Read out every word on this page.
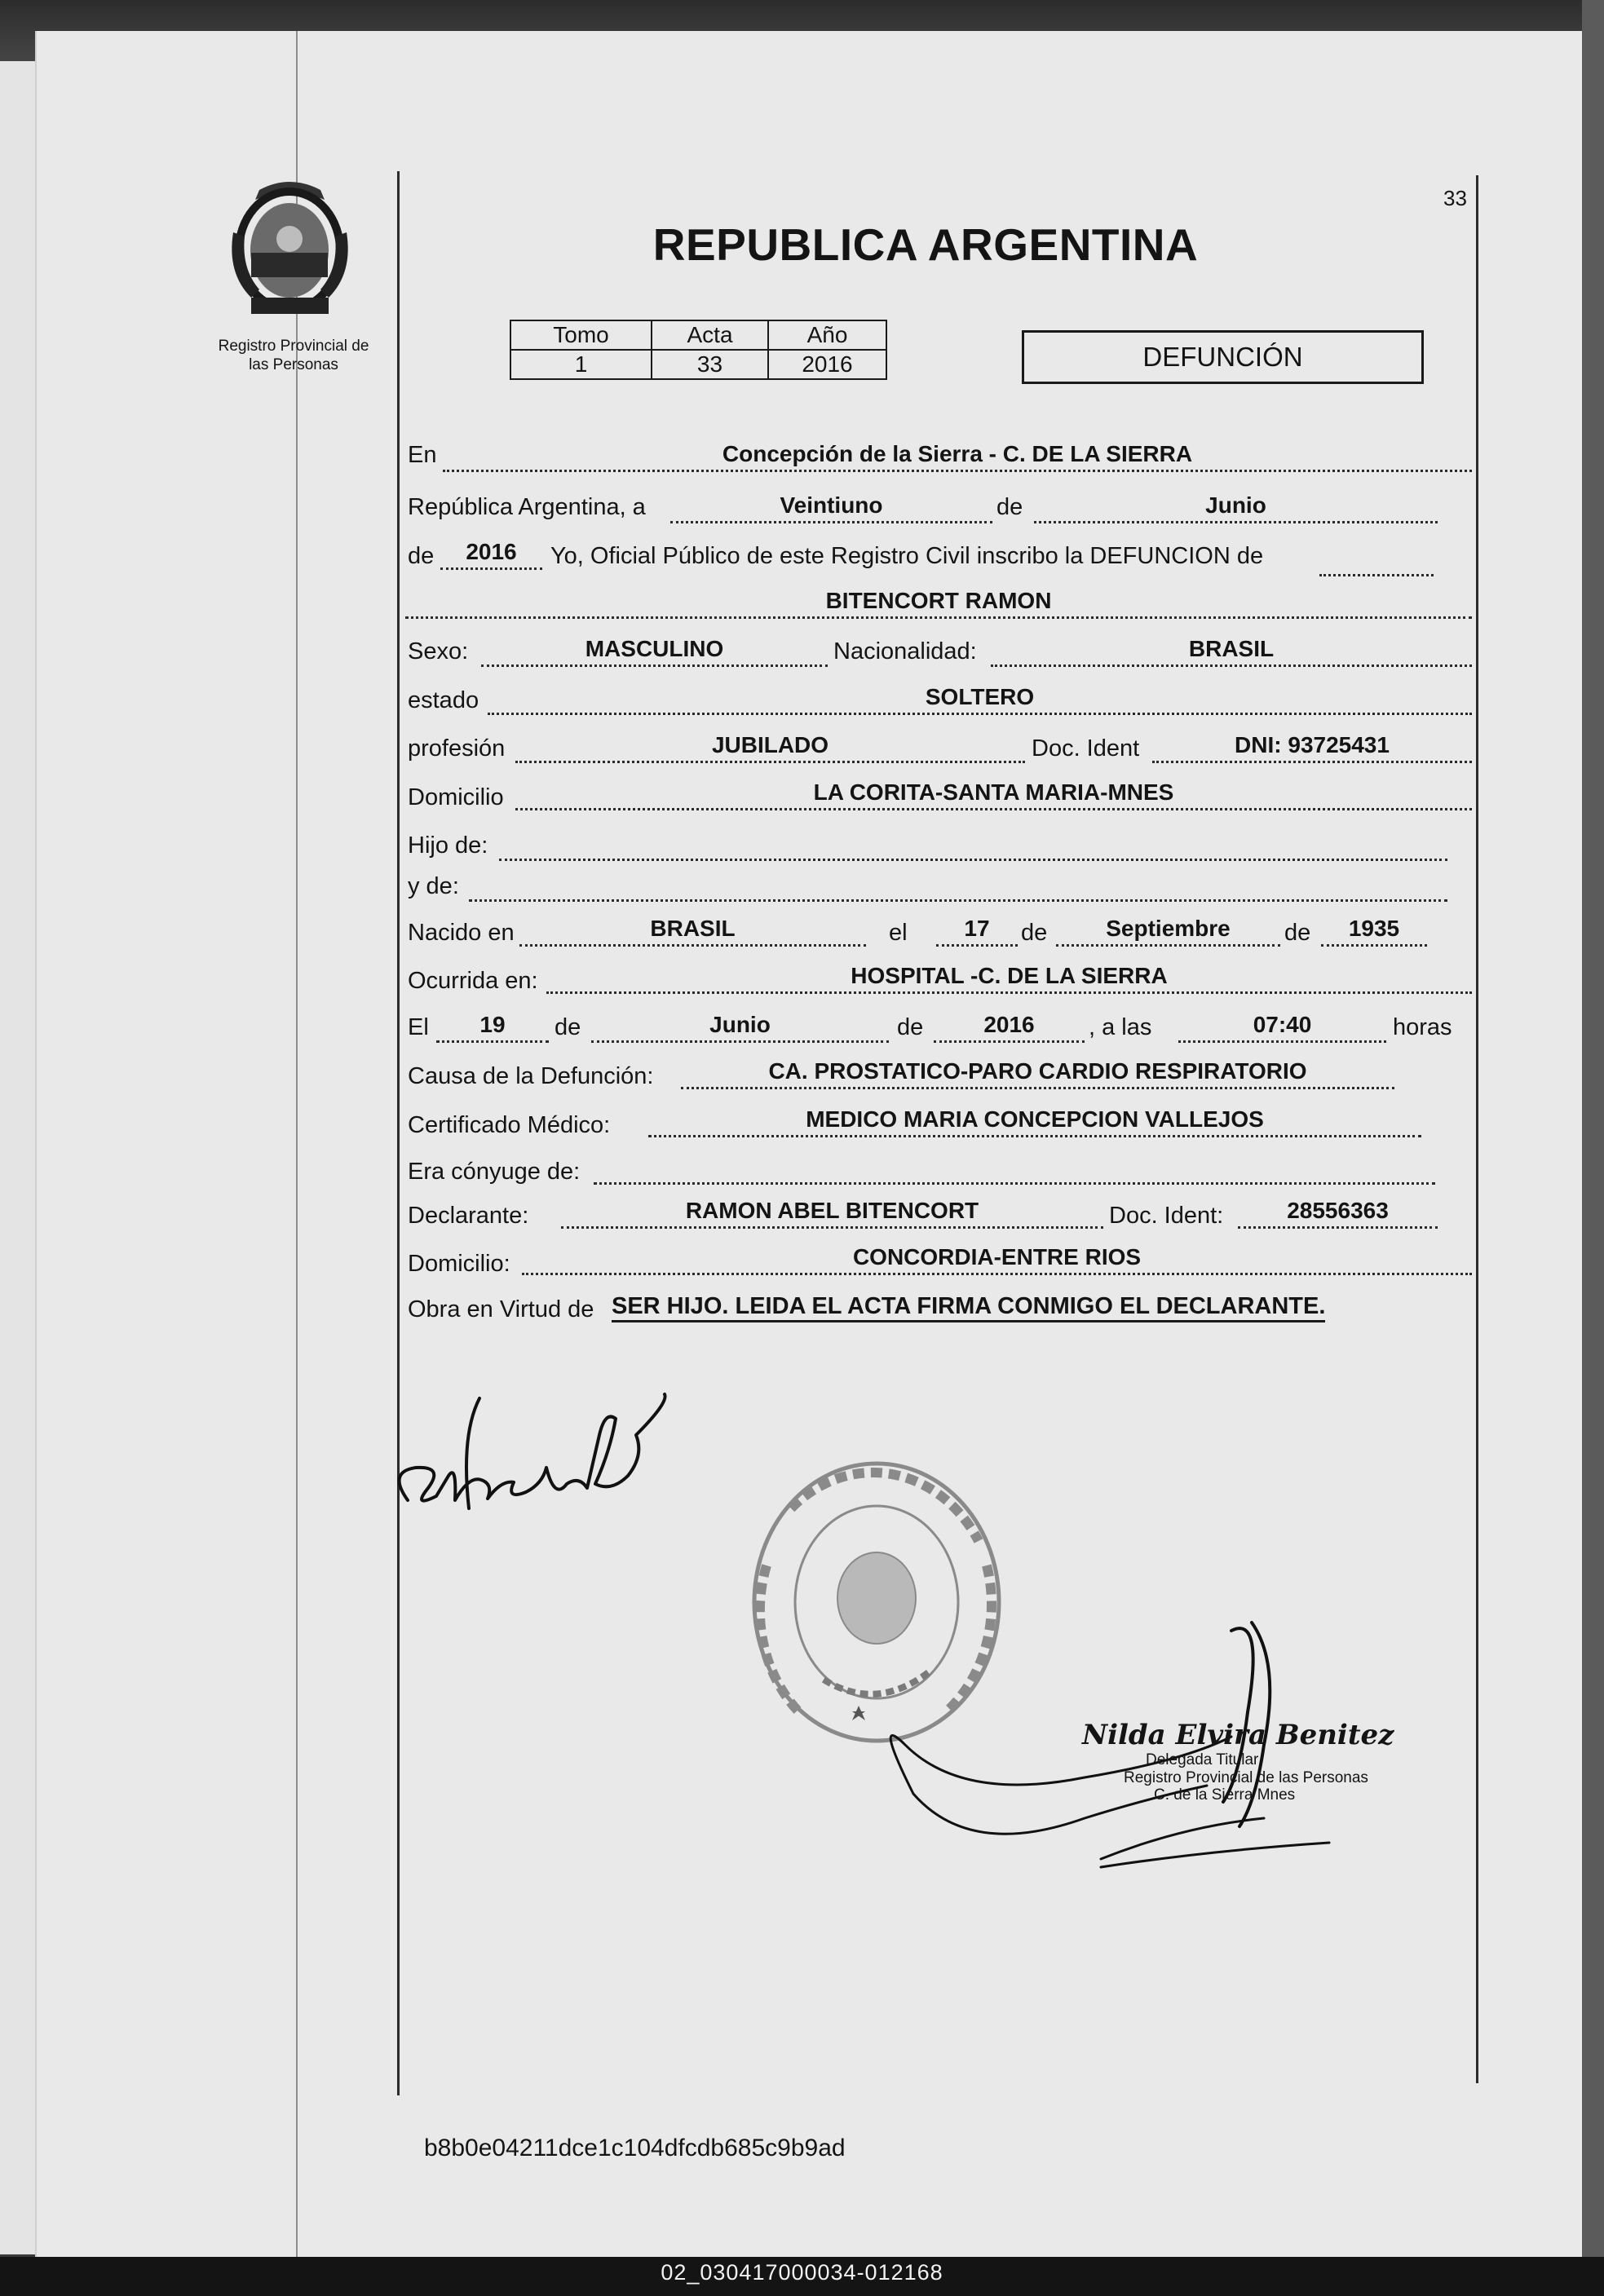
33
Registro Provincial de
las Personas
REPUBLICA ARGENTINA
Tomo	Acta	Año
1	33	2016	DEFUNCIÓN
En	Concepción de la Sierra - C. DE LA SIERRA
República Argentina, a	Veintiuno	de	Junio
de	2016	Yo, Oficial Público de este Registro Civil inscribo la DEFUNCION de
BITENCORT RAMON
Sexo:	MASCULINO	Nacionalidad:	BRASIL
estado	SOLTERO
profesión	JUBILADO	Doc. Ident	DNI: 93725431
Domicilio	LA CORITA-SANTA MARIA-MNES
Hijo de:
y de:
Nacido en	BRASIL	el	17	de	Septiembre	de	1935
Ocurrida en:	HOSPITAL -C. DE LA SIERRA
El	19	de	Junio	de	2016	, a las	07:40	horas
Causa de la Defunción:	CA. PROSTATICO-PARO CARDIO RESPIRATORIO
Certificado Médico:	MEDICO MARIA CONCEPCION VALLEJOS
Era cónyuge de:
Declarante:	RAMON ABEL BITENCORT	Doc. Ident:	28556363
Domicilio:	CONCORDIA-ENTRE RIOS
Obra en Virtud de SER HIJO. LEIDA EL ACTA FIRMA CONMIGO EL DECLARANTE.
Nilda Elvira Benitez
Delegada Titular
Registro Provincial de las Personas
C. de la Sierra Mnes
b8b0e04211dce1c104dfcdb685c9b9ad
02_030417000034-012168
